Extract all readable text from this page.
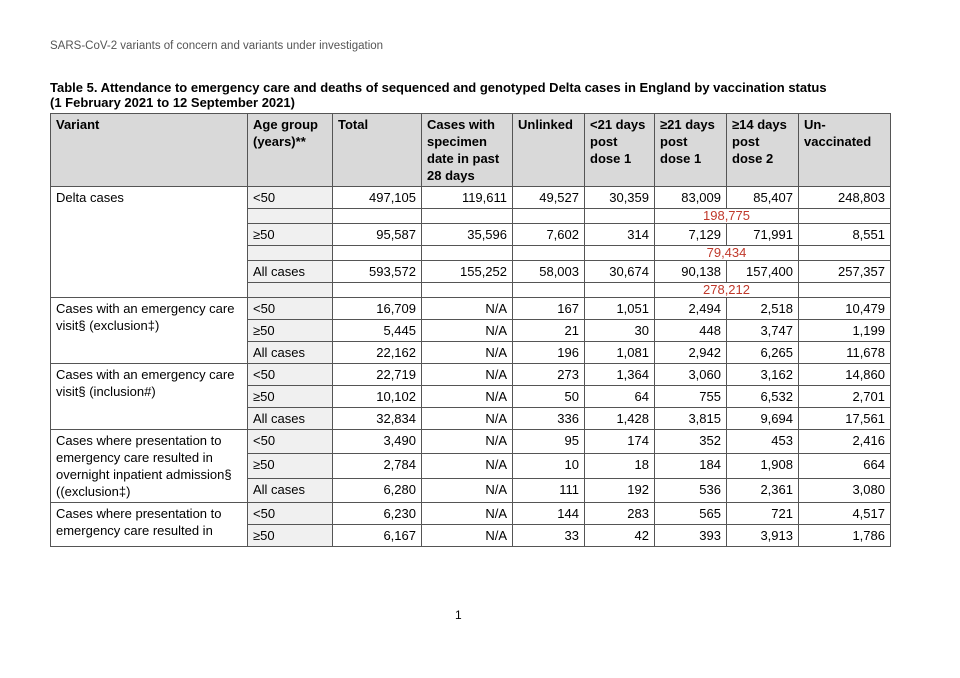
SARS-CoV-2 variants of concern and variants under investigation
Table 5. Attendance to emergency care and deaths of sequenced and genotyped Delta cases in England by vaccination status
(1 February 2021 to 12 September 2021)
Variant	Age group (years)**	Total	Cases with specimen date in past 28 days	Unlinked	<21 days post dose 1	≥21 days post dose 1	≥14 days post dose 2	Un-vaccinated	
Delta cases	<50	497,105	119,611	49,527	30,359	83,009	85,407	248,803	
						198,775			
	≥50	95,587	35,596	7,602	314	7,129	71,991	8,551	
						79,434			
	All cases	593,572	155,252	58,003	30,674	90,138	157,400	257,357	
						278,212			
Cases with an emergency care visit§ (exclusion‡)	<50	16,709	N/A	167	1,051	2,494	2,518	10,479	
	≥50	5,445	N/A	21	30	448	3,747	1,199	
	All cases	22,162	N/A	196	1,081	2,942	6,265	11,678	
Cases with an emergency care visit§ (inclusion#)	<50	22,719	N/A	273	1,364	3,060	3,162	14,860	
	≥50	10,102	N/A	50	64	755	6,532	2,701	
	All cases	32,834	N/A	336	1,428	3,815	9,694	17,561	
Cases where presentation to emergency care resulted in overnight inpatient admission§ ((exclusion‡)	<50	3,490	N/A	95	174	352	453	2,416	
	≥50	2,784	N/A	10	18	184	1,908	664	
	All cases	6,280	N/A	111	192	536	2,361	3,080	
Cases where presentation to emergency care resulted in	<50	6,230	N/A	144	283	565	721	4,517	
	≥50	6,167	N/A	33	42	393	3,913	1,786	
1
